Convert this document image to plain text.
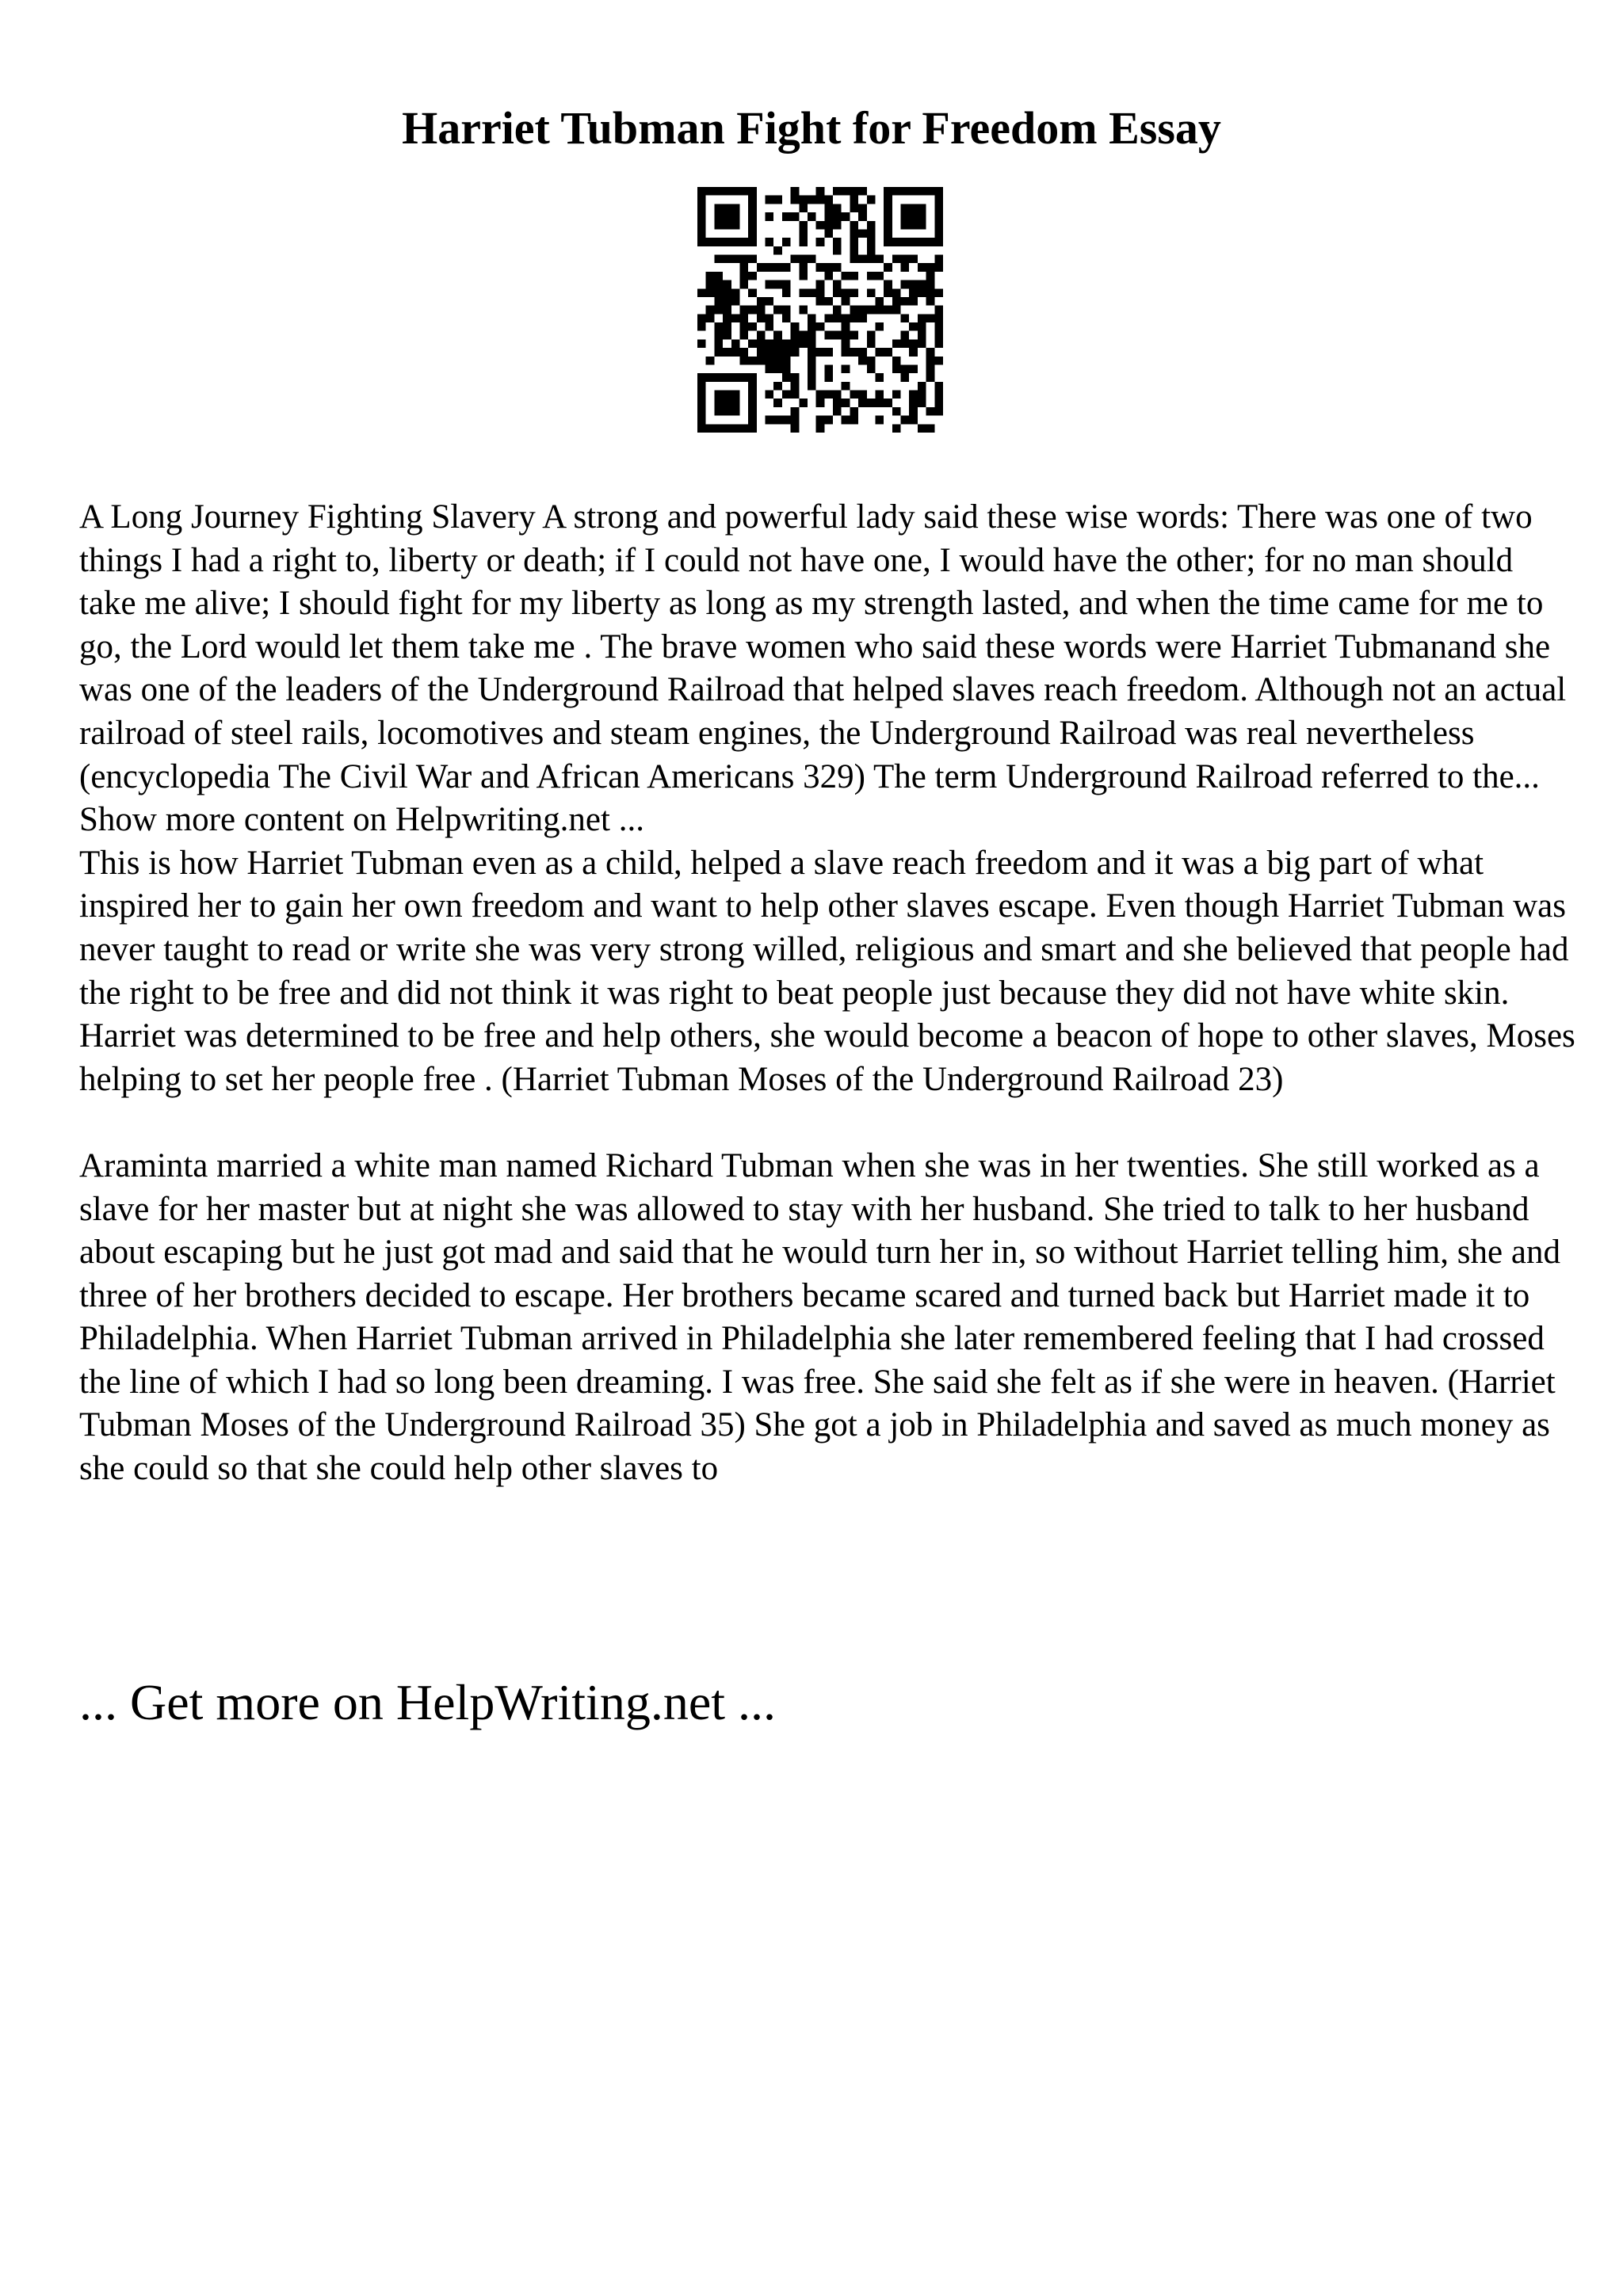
Harriet Tubman Fight for Freedom Essay

A Long Journey Fighting Slavery A strong and powerful lady said these wise words: There was one of two things I had a right to, liberty or death; if I could not have one, I would have the other; for no man should take me alive; I should fight for my liberty as long as my strength lasted, and when the time came for me to go, the Lord would let them take me . The brave women who said these words were Harriet Tubmanand she was one of the leaders of the Underground Railroad that helped slaves reach freedom. Although not an actual railroad of steel rails, locomotives and steam engines, the Underground Railroad was real nevertheless (encyclopedia The Civil War and African Americans 329) The term Underground Railroad referred to the... Show more content on Helpwriting.net ...

This is how Harriet Tubman even as a child, helped a slave reach freedom and it was a big part of what inspired her to gain her own freedom and want to help other slaves escape. Even though Harriet Tubman was never taught to read or write she was very strong willed, religious and smart and she believed that people had the right to be free and did not think it was right to beat people just because they did not have white skin. Harriet was determined to be free and help others, she would become a beacon of hope to other slaves, Moses helping to set her people free . (Harriet Tubman Moses of the Underground Railroad 23)

Araminta married a white man named Richard Tubman when she was in her twenties. She still worked as a slave for her master but at night she was allowed to stay with her husband. She tried to talk to her husband about escaping but he just got mad and said that he would turn her in, so without Harriet telling him, she and three of her brothers decided to escape. Her brothers became scared and turned back but Harriet made it to Philadelphia. When Harriet Tubman arrived in Philadelphia she later remembered feeling that I had crossed the line of which I had so long been dreaming. I was free. She said she felt as if she were in heaven. (Harriet Tubman Moses of the Underground Railroad 35) She got a job in Philadelphia and saved as much money as she could so that she could help other slaves to

... Get more on HelpWriting.net ...
